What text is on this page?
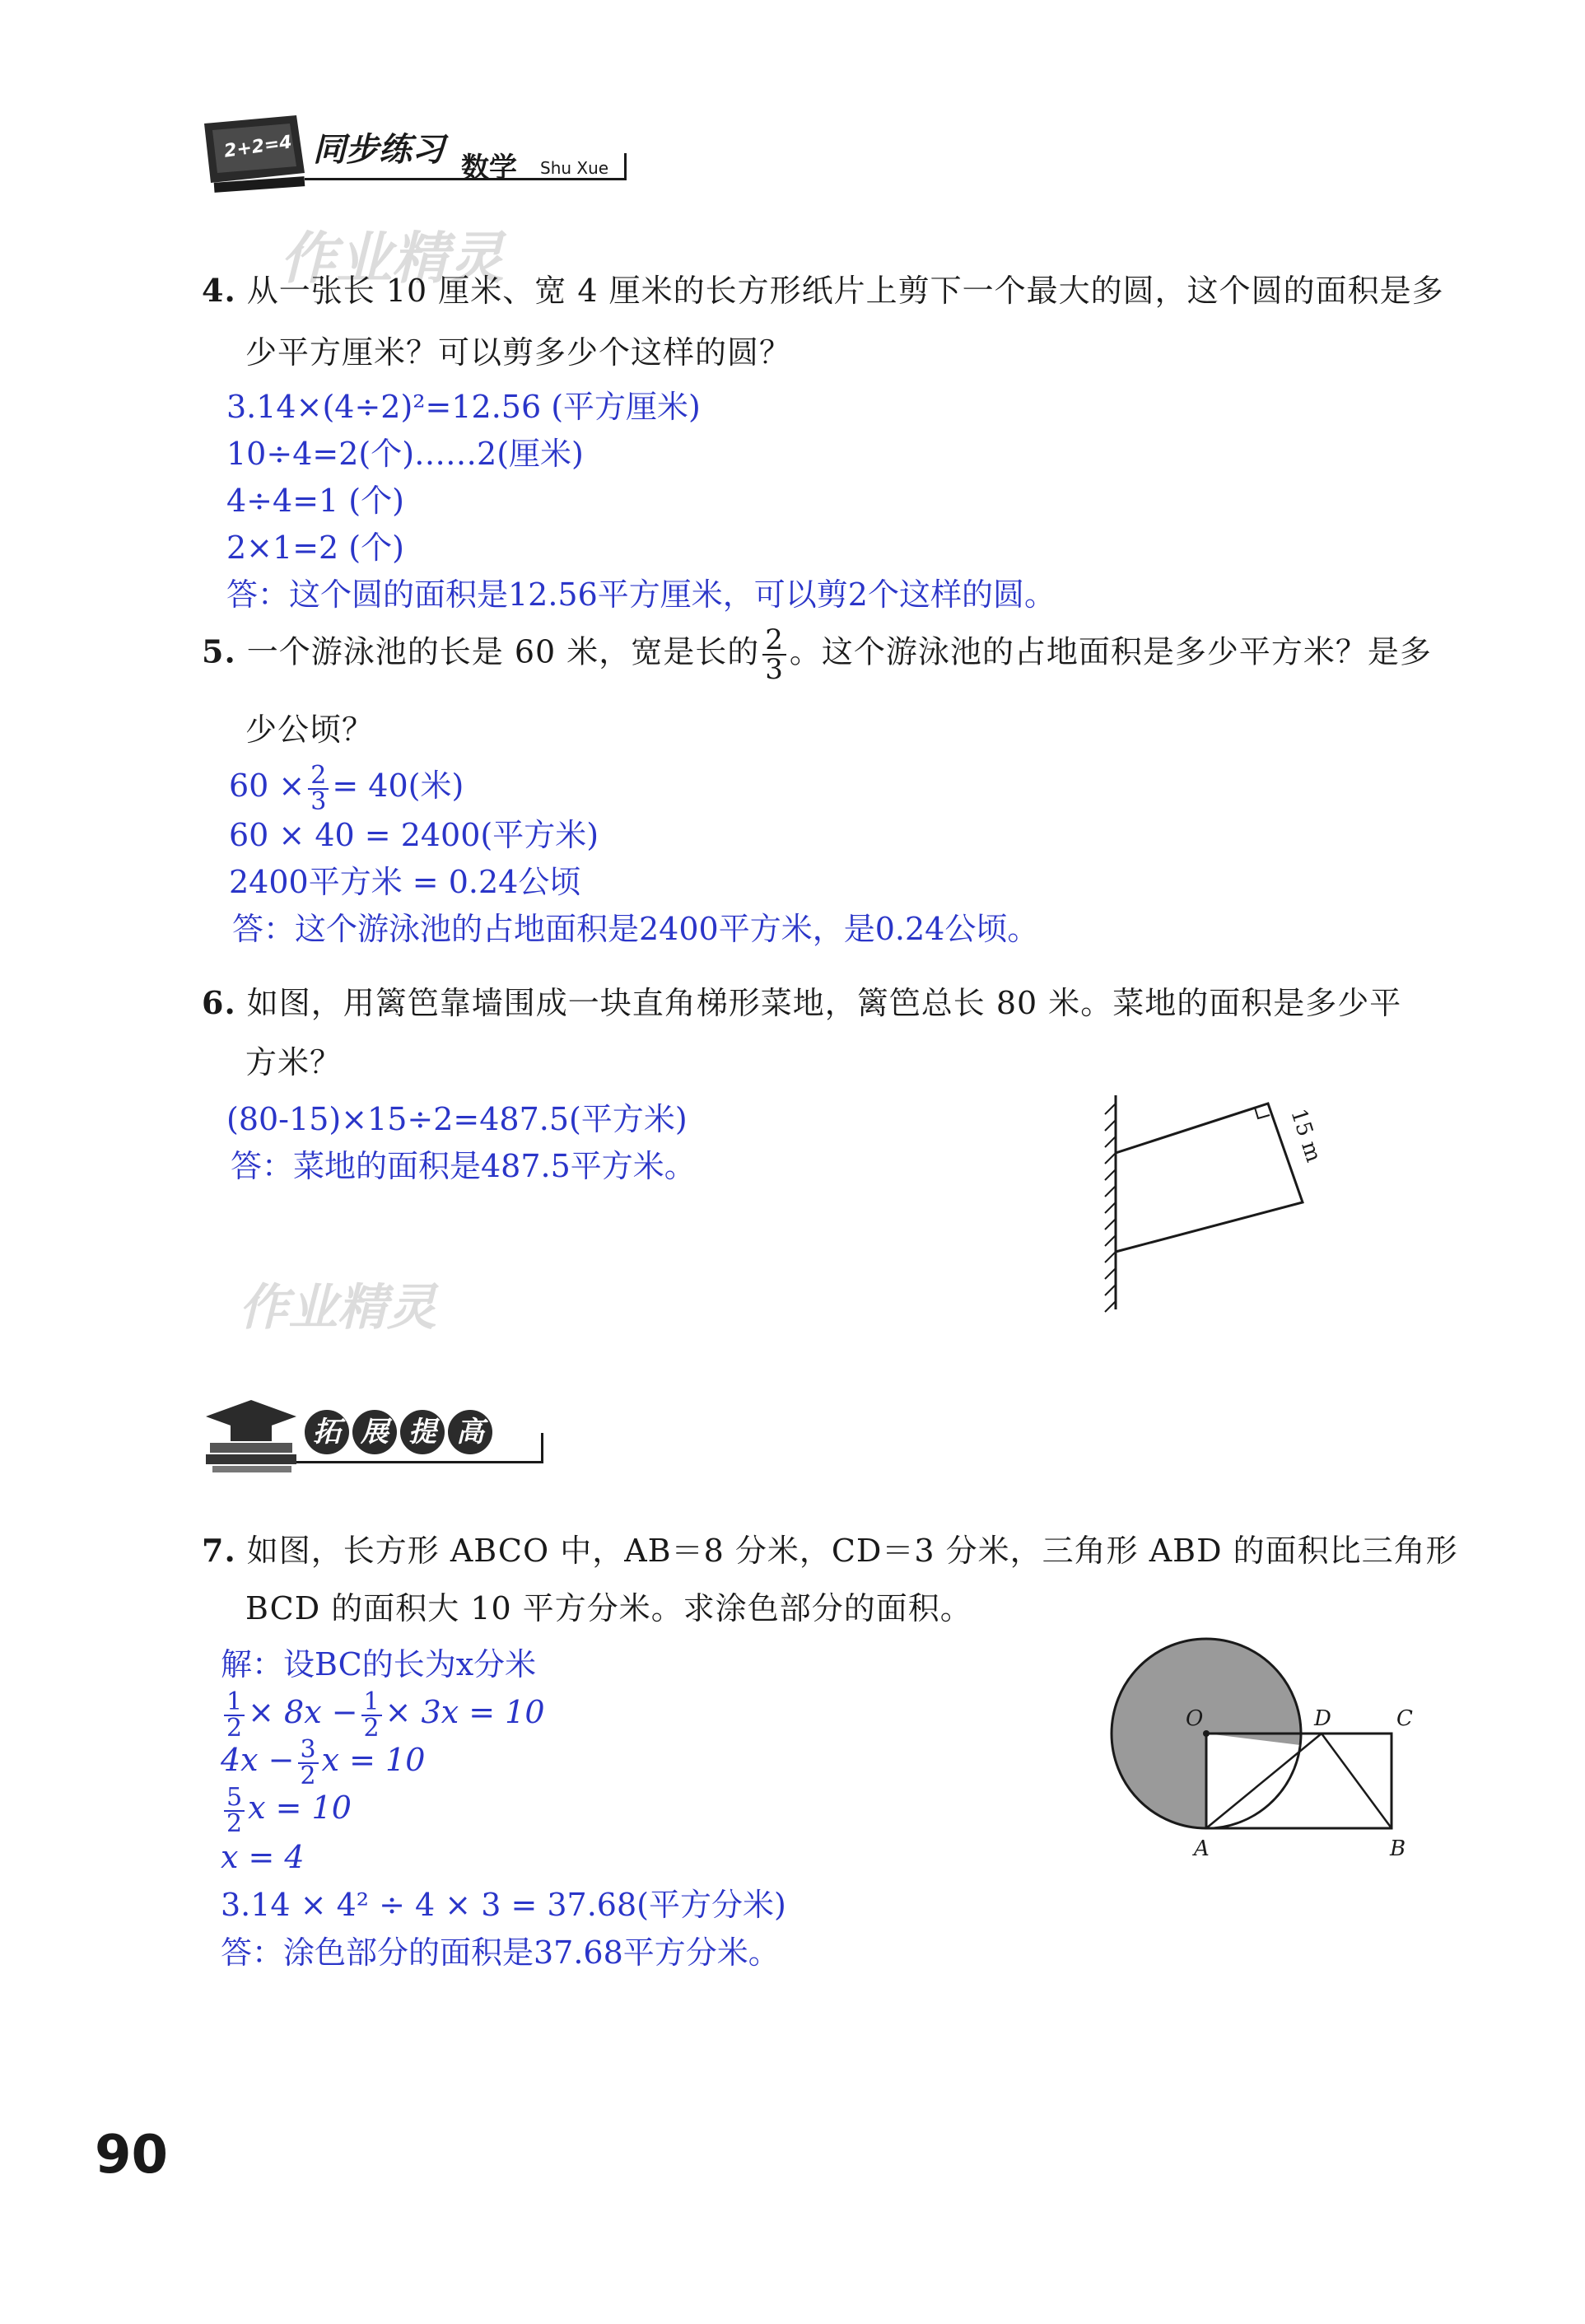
2+2=4 同步练习 数学 Shu Xue
作业精灵
4. 从一张长 10 厘米、宽 4 厘米的长方形纸片上剪下一个最大的圆，这个圆的面积是多
少平方厘米？可以剪多少个这样的圆？
3.14×(4÷2)²=12.56 (平方厘米)
10÷4=2(个)……2(厘米)
4÷4=1 (个)
2×1=2 (个)
答：这个圆的面积是12.56平方厘米，可以剪2个这样的圆。
5. 一个游泳池的长是 60 米，宽是长的 $\frac{2}{3}$ 。这个游泳池的占地面积是多少平方米？是多
少公顷？
$60 \times \frac{2}{3} = 40$(米)
60 × 40 = 2400(平方米)
2400平方米 = 0.24公顷
答：这个游泳池的占地面积是2400平方米，是0.24公顷。
6. 如图，用篱笆靠墙围成一块直角梯形菜地，篱笆总长 80 米。菜地的面积是多少平
方米？
(80-15)×15÷2=487.5(平方米)
答：菜地的面积是487.5平方米。
15 m
作业精灵
拓 展 提 高
7. 如图，长方形 ABCO 中，AB＝8 分米，CD＝3 分米，三角形 ABD 的面积比三角形
BCD 的面积大 10 平方分米。求涂色部分的面积。
解：设BC的长为x分米
$\frac{1}{2} \times 8x - \frac{1}{2} \times 3x = 10$
$4x - \frac{3}{2}$ x = 10
$\frac{5}{2}$ x = 10
x = 4
3.14 × 4² ÷ 4 × 3 = 37.68(平方分米)
答：涂色部分的面积是37.68平方分米。
O	D	C
A	B
90
